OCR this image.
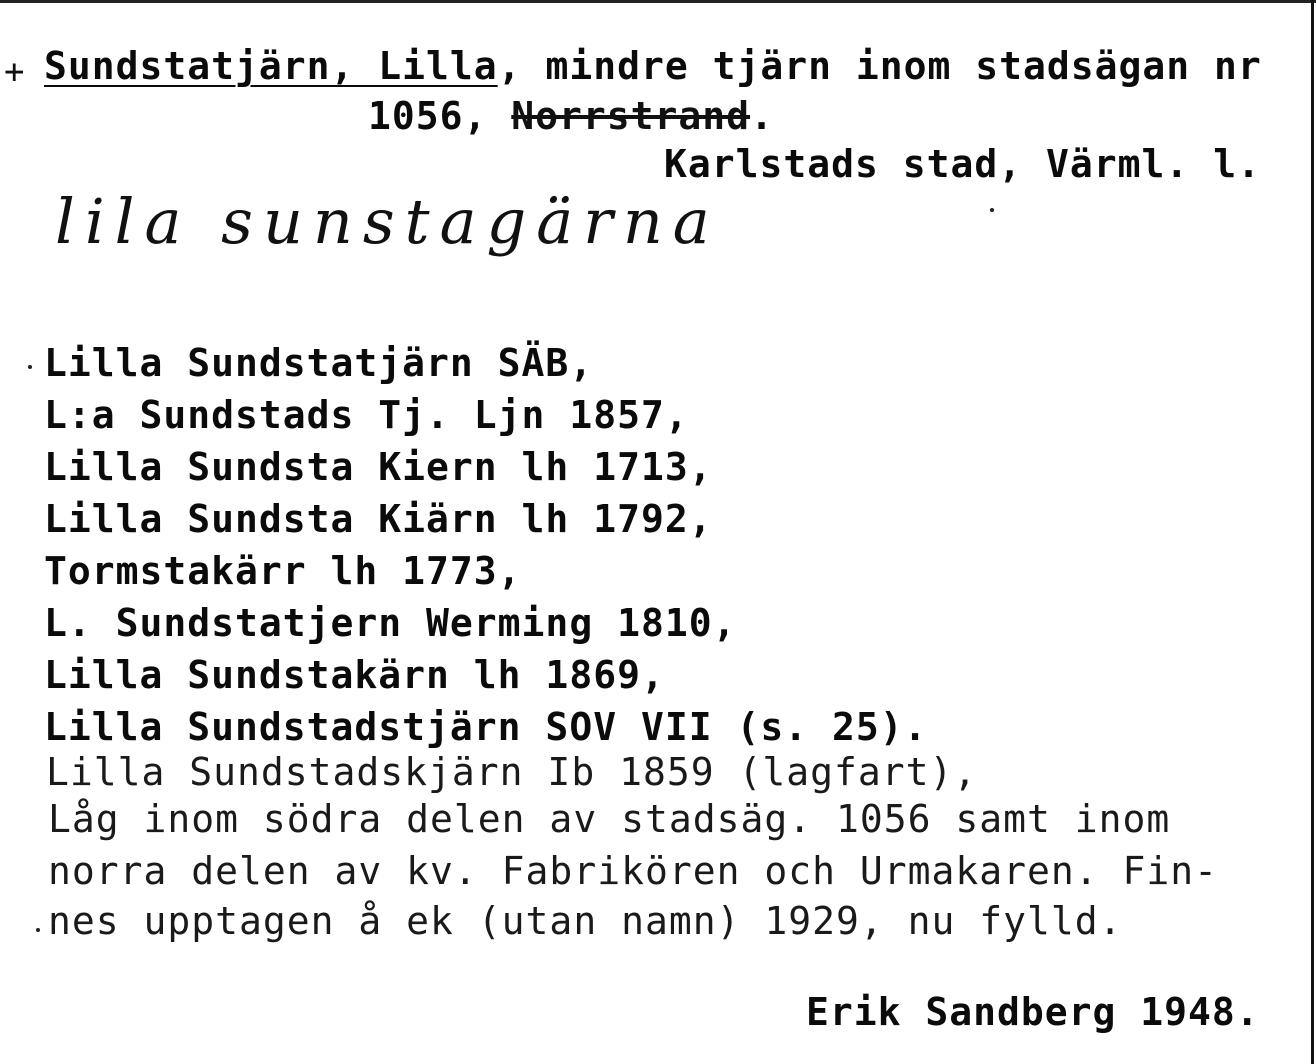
+ Sundstatjärn, Lilla, mindre tjärn inom stadsägan nr
1056, Norrstrand.
Karlstads stad, Värml. l.
lila sunstagärna
Lilla Sundstatjärn SÄB,
L:a Sundstads Tj. Ljn 1857,
Lilla Sundsta Kiern lh 1713,
Lilla Sundsta Kiärn lh 1792,
Tormstakärr lh 1773,
L. Sundstatjern Werming 1810,
Lilla Sundstakärn lh 1869,
Lilla Sundstadstjärn SOV VII (s. 25).
Lilla Sundstadskjärn Ib 1859 (lagfart),
Låg inom södra delen av stadsäg. 1056 samt inom
norra delen av kv. Fabrikören och Urmakaren. Fin-
nes upptagen å ek (utan namn) 1929, nu fylld.
Erik Sandberg 1948.
